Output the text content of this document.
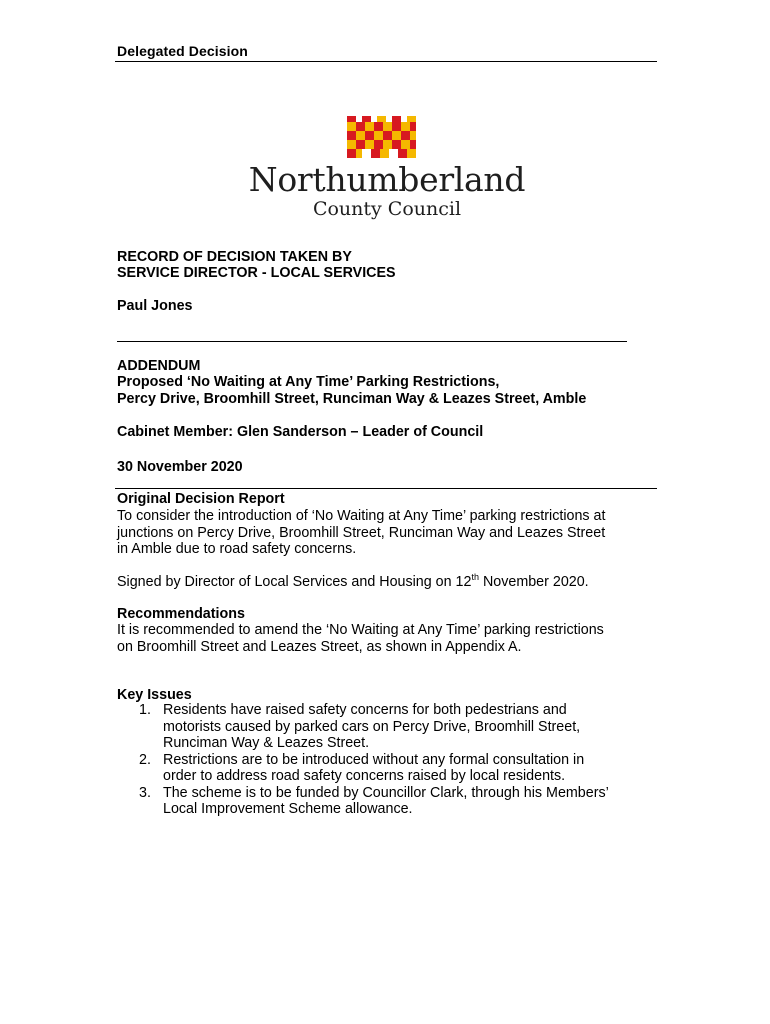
Delegated Decision
Northumberland
County Council
RECORD OF DECISION TAKEN BY
SERVICE DIRECTOR - LOCAL SERVICES
Paul Jones
ADDENDUM
Proposed ‘No Waiting at Any Time’ Parking Restrictions,
Percy Drive, Broomhill Street, Runciman Way & Leazes Street, Amble
Cabinet Member: Glen Sanderson – Leader of Council
30 November 2020
Original Decision Report
To consider the introduction of ‘No Waiting at Any Time’ parking restrictions at
junctions on Percy Drive, Broomhill Street, Runciman Way and Leazes Street
in Amble due to road safety concerns.
Signed by Director of Local Services and Housing on 12th November 2020.
Recommendations
It is recommended to amend the ‘No Waiting at Any Time’ parking restrictions
on Broomhill Street and Leazes Street, as shown in Appendix A.
Key Issues
1. Residents have raised safety concerns for both pedestrians and
motorists caused by parked cars on Percy Drive, Broomhill Street,
Runciman Way & Leazes Street.
2. Restrictions are to be introduced without any formal consultation in
order to address road safety concerns raised by local residents.
3. The scheme is to be funded by Councillor Clark, through his Members’
Local Improvement Scheme allowance.
